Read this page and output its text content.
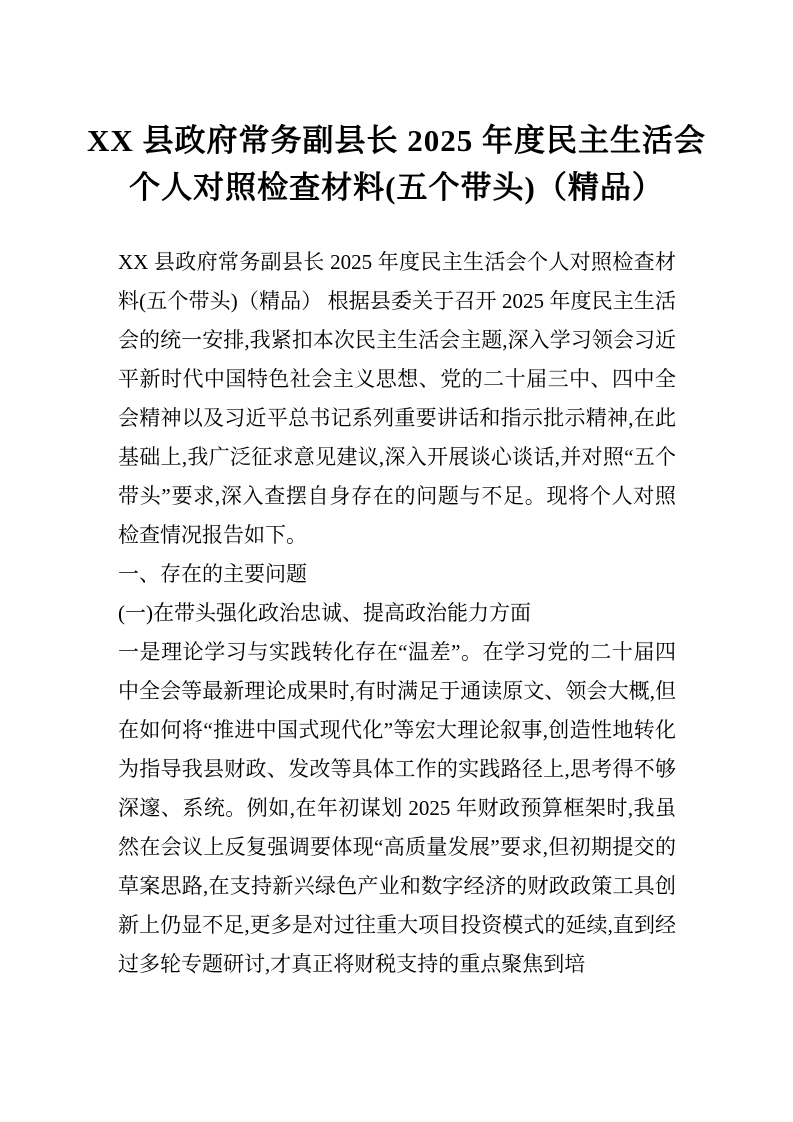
XX 县政府常务副县长 2025 年度民主生活会
个人对照检查材料(五个带头)（精品）

XX 县政府常务副县长 2025 年度民主生活会个人对照检查材料(五个带头)（精品） 根据县委关于召开 2025 年度民主生活会的统一安排,我紧扣本次民主生活会主题,深入学习领会习近平新时代中国特色社会主义思想、党的二十届三中、四中全会精神以及习近平总书记系列重要讲话和指示批示精神,在此基础上,我广泛征求意见建议,深入开展谈心谈话,并对照“五个带头”要求,深入查摆自身存在的问题与不足。现将个人对照检查情况报告如下。

一、存在的主要问题

(一)在带头强化政治忠诚、提高政治能力方面

一是理论学习与实践转化存在“温差”。在学习党的二十届四中全会等最新理论成果时,有时满足于通读原文、领会大概,但在如何将“推进中国式现代化”等宏大理论叙事,创造性地转化为指导我县财政、发改等具体工作的实践路径上,思考得不够深邃、系统。例如,在年初谋划 2025 年财政预算框架时,我虽然在会议上反复强调要体现“高质量发展”要求,但初期提交的草案思路,在支持新兴绿色产业和数字经济的财政政策工具创新上仍显不足,更多是对过往重大项目投资模式的延续,直到经过多轮专题研讨,才真正将财税支持的重点聚焦到培
